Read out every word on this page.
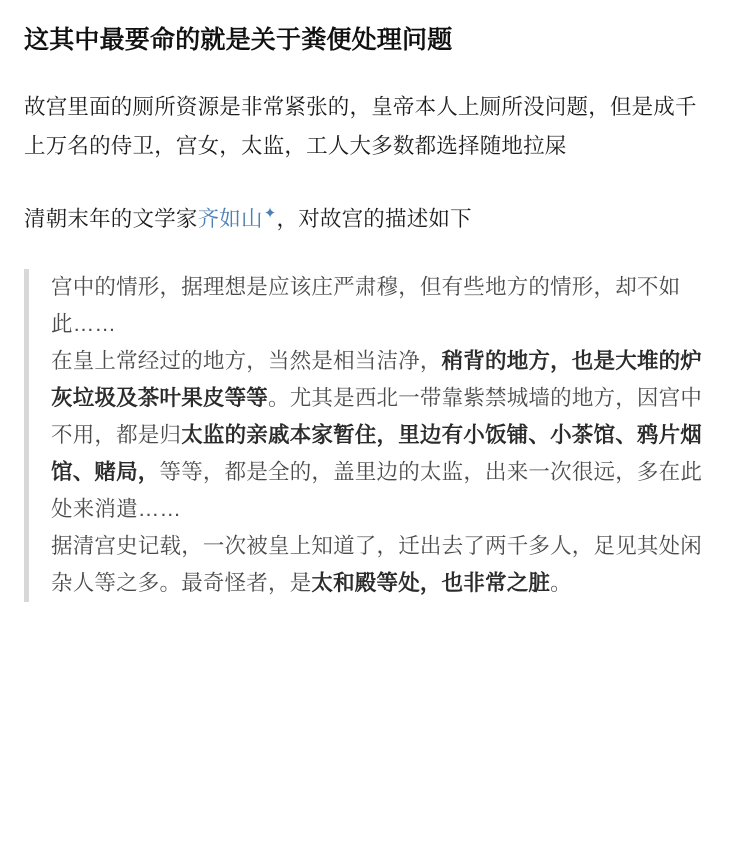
这其中最要命的就是关于粪便处理问题

故宫里面的厕所资源是非常紧张的，皇帝本人上厕所没问题，但是成千上万名的侍卫，宫女，太监，工人大多数都选择随地拉屎

清朝末年的文学家齐如山✦，对故宫的描述如下

宫中的情形，据理想是应该庄严肃穆，但有些地方的情形，却不如此……

在皇上常经过的地方，当然是相当洁净，稍背的地方，也是大堆的炉灰垃圾及茶叶果皮等等。尤其是西北一带靠紫禁城墙的地方，因宫中不用，都是归太监的亲戚本家暂住，里边有小饭铺、小茶馆、鸦片烟馆、赌局，等等，都是全的，盖里边的太监，出来一次很远，多在此处来消遣……

据清宫史记载，一次被皇上知道了，迁出去了两千多人，足见其处闲杂人等之多。最奇怪者，是太和殿等处，也非常之脏。
